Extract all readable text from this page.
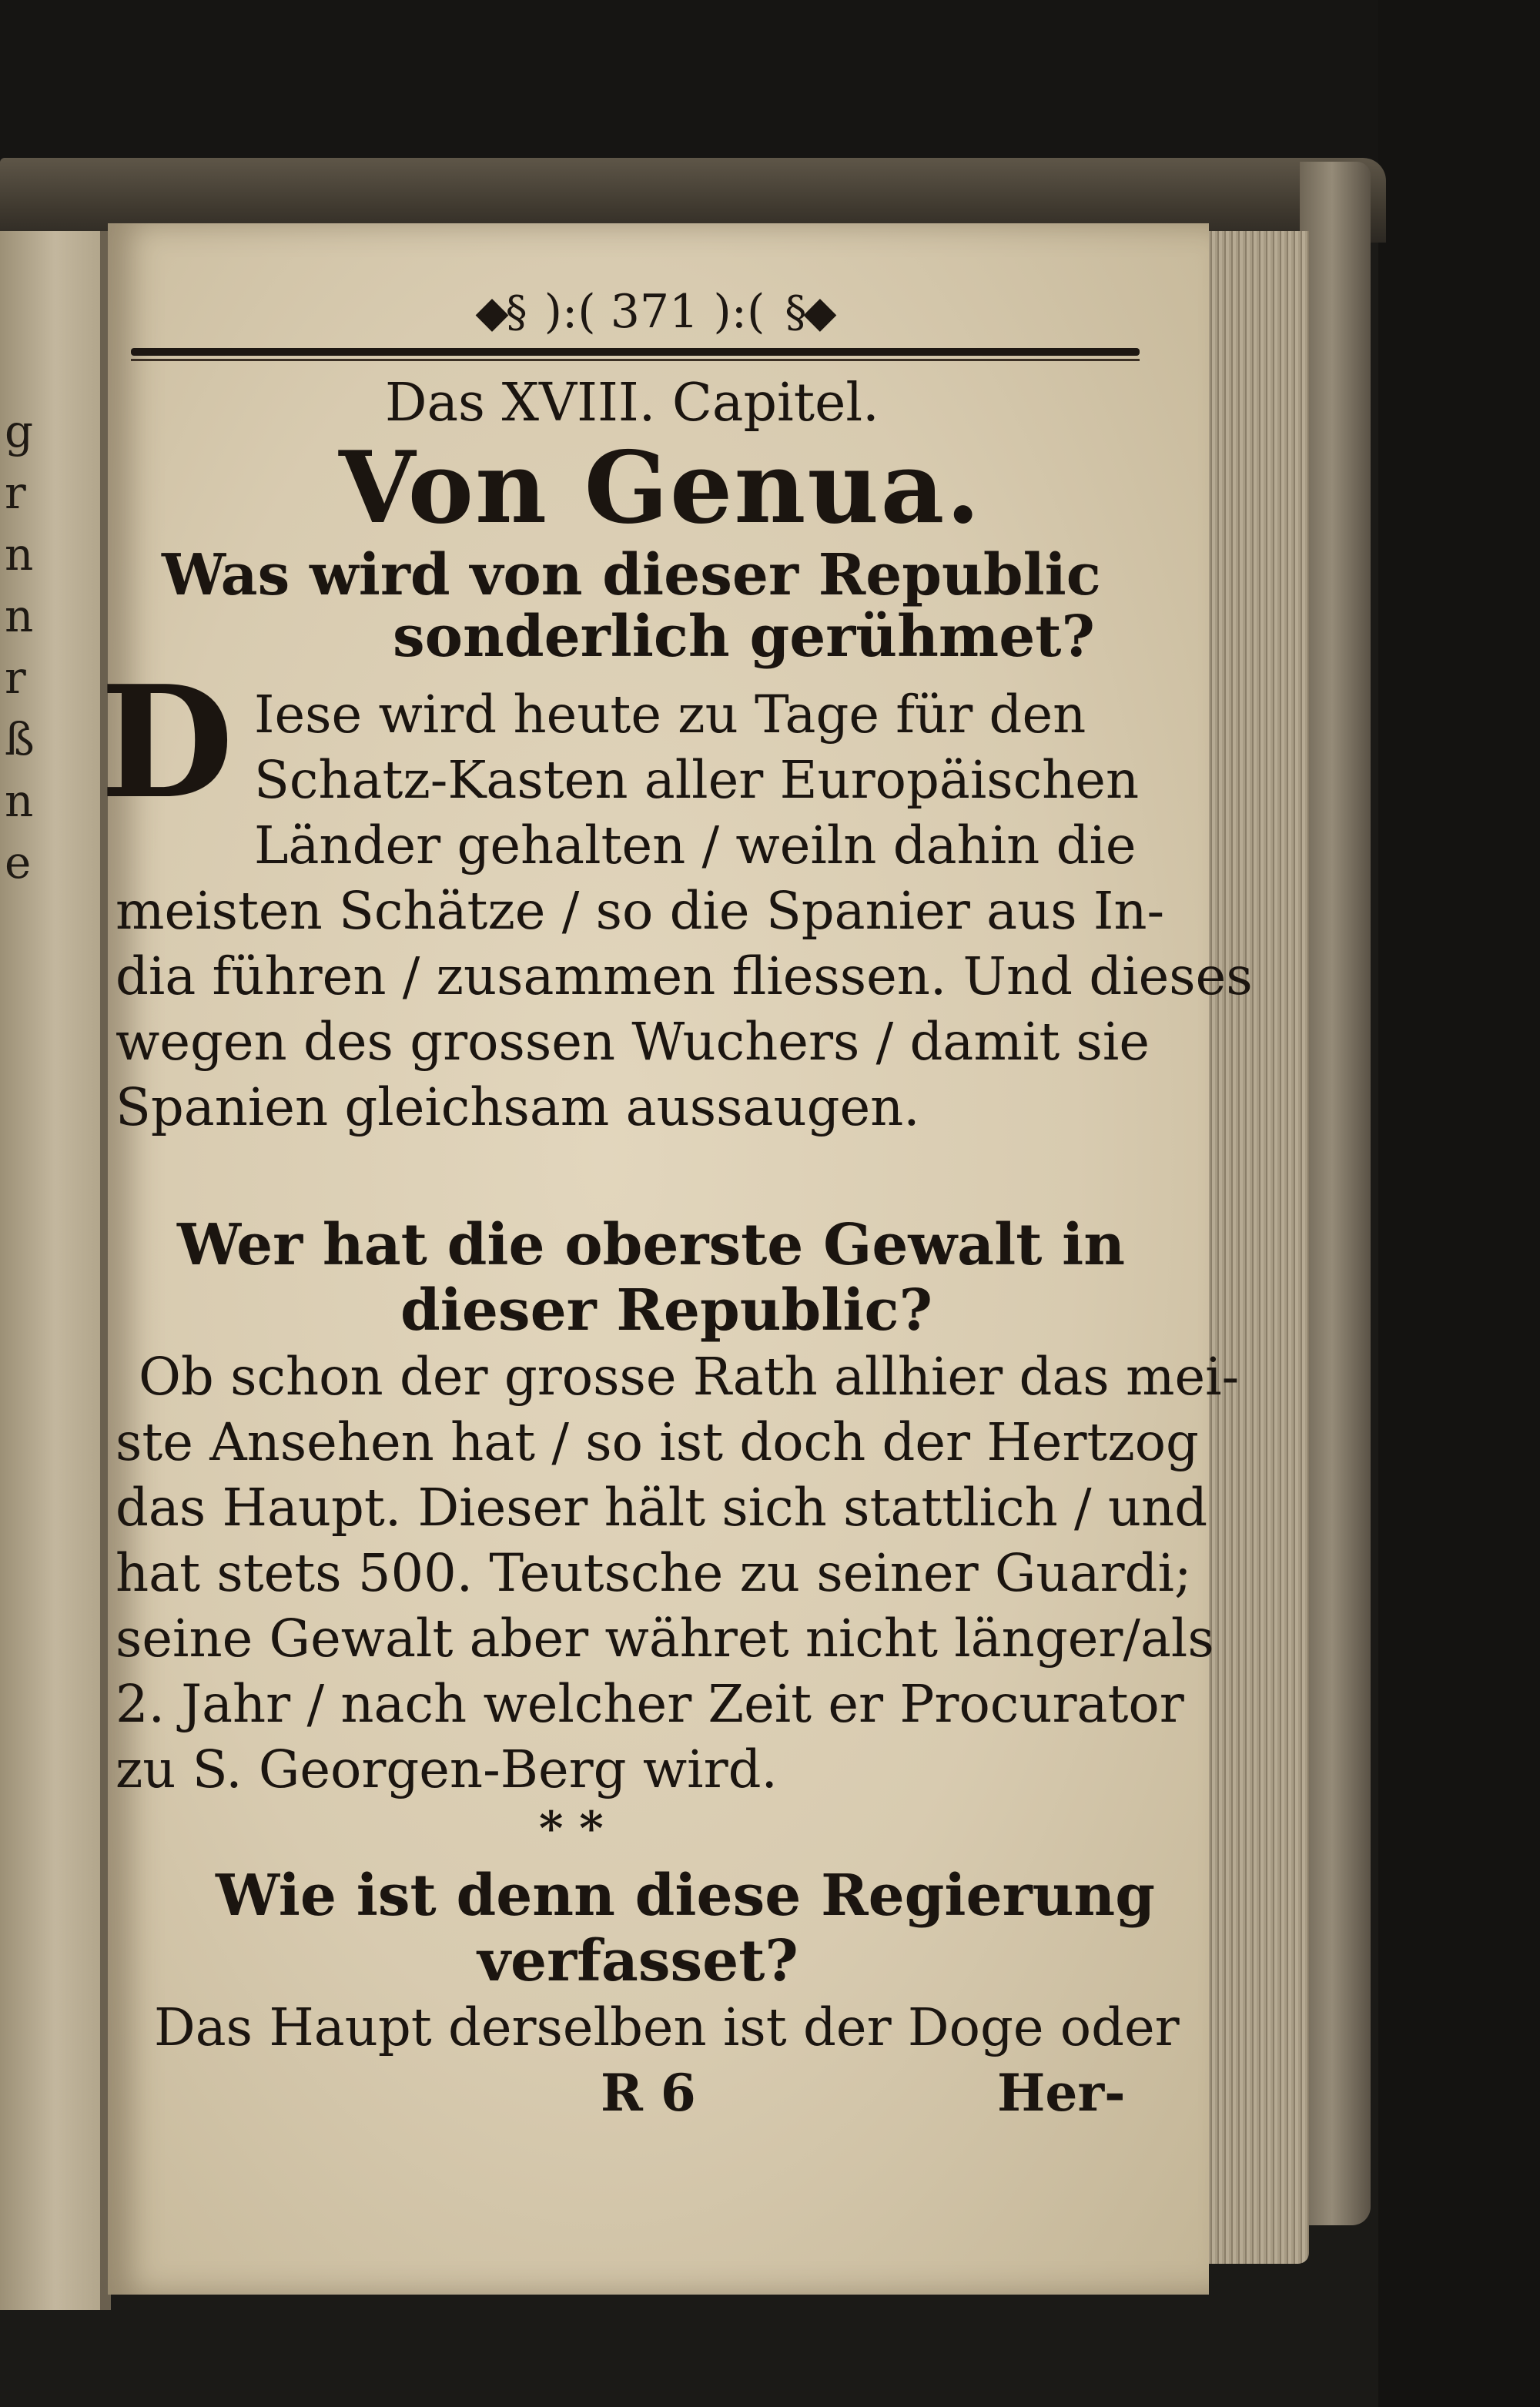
g
r
n
n
r
ß
n
e
◆§ ):( 371 ):( §◆
Das XVIII. Capitel.
Von Genua.
Was wird von dieser Republic
sonderlich gerühmet?
D Iese wird heute zu Tage für den
Schatz-Kasten aller Europäischen
Länder gehalten / weiln dahin die
meisten Schätze / so die Spanier aus In-
dia führen / zusammen fliessen. Und dieses
wegen des grossen Wuchers / damit sie
Spanien gleichsam aussaugen.
Wer hat die oberste Gewalt in
dieser Republic?
Ob schon der grosse Rath allhier das mei-
ste Ansehen hat / so ist doch der Hertzog
das Haupt. Dieser hält sich stattlich / und
hat stets 500. Teutsche zu seiner Guardi;
seine Gewalt aber währet nicht länger/als
2. Jahr / nach welcher Zeit er Procurator
zu S. Georgen-Berg wird.
* *
Wie ist denn diese Regierung
verfasset?
Das Haupt derselben ist der Doge oder
R 6	Her-
